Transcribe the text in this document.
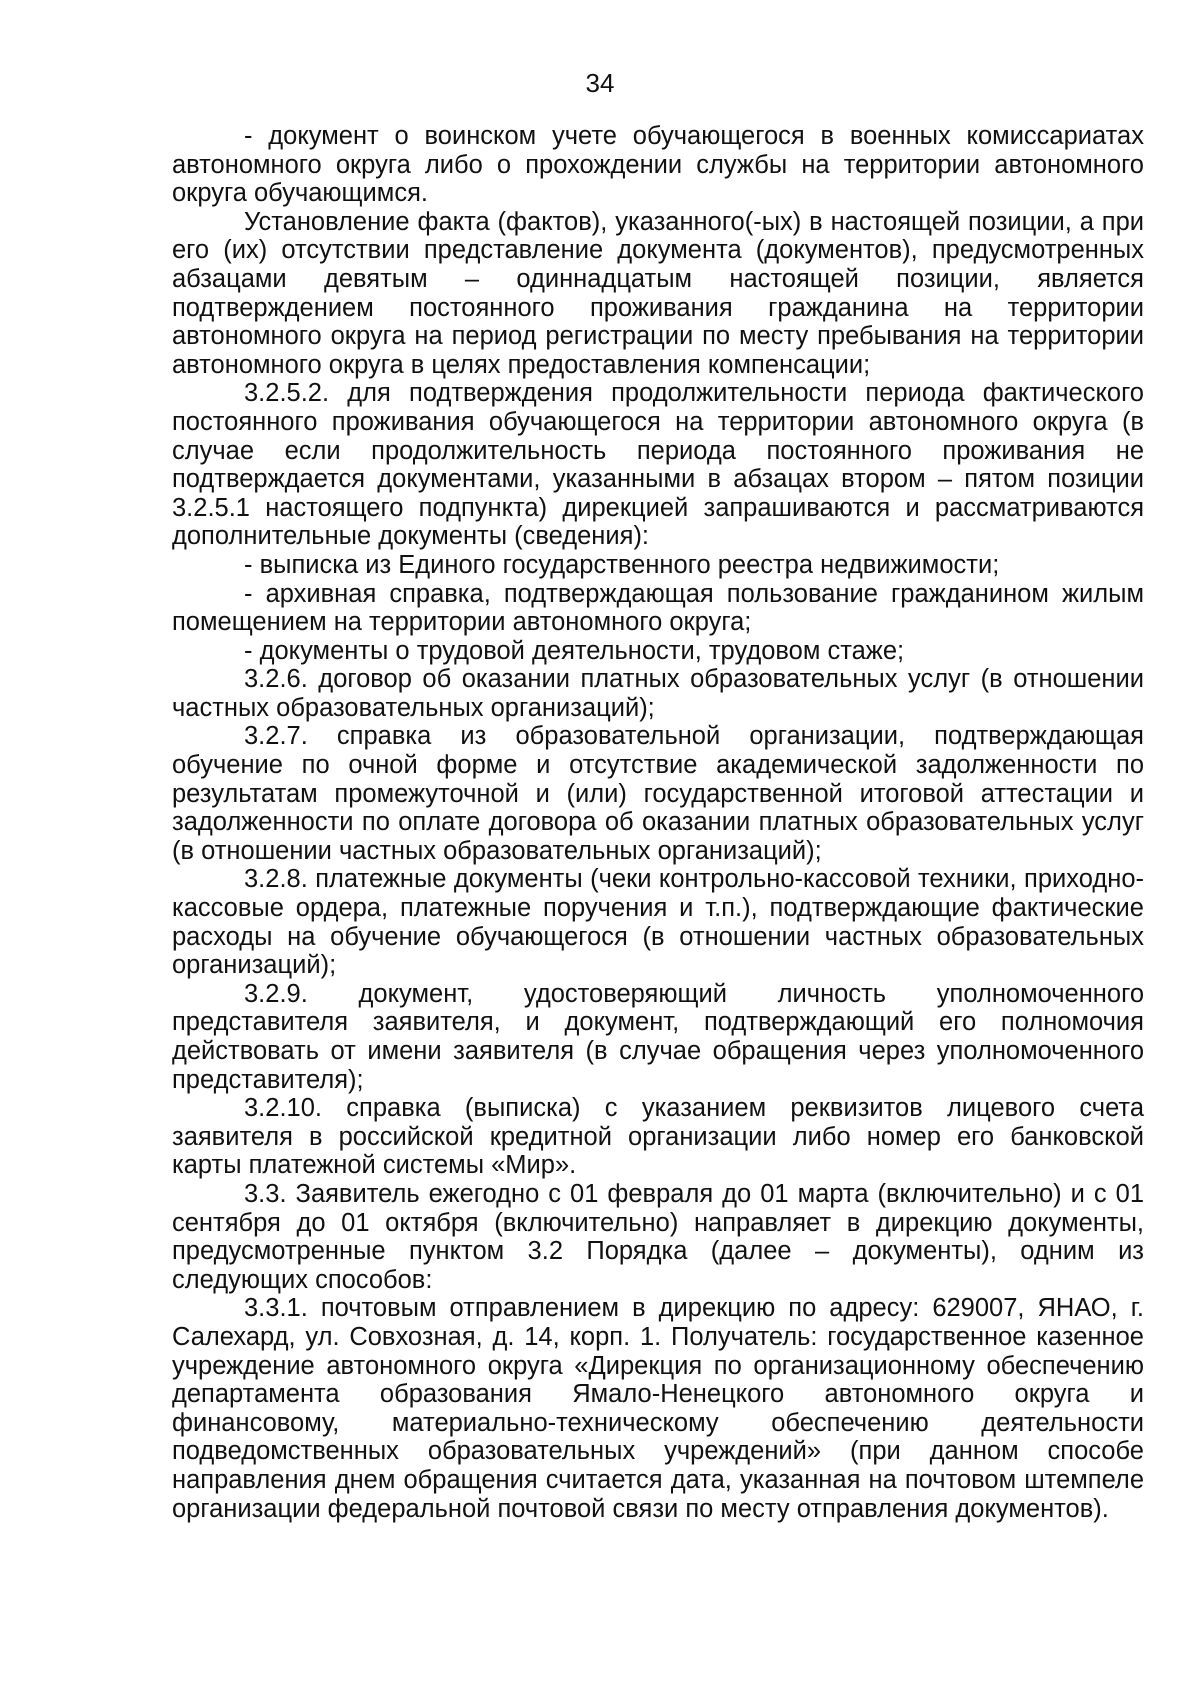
34

- документ о воинском учете обучающегося в военных комиссариатах автономного округа либо о прохождении службы на территории автономного округа обучающимся.

Установление факта (фактов), указанного(-ых) в настоящей позиции, а при его (их) отсутствии представление документа (документов), предусмотренных абзацами девятым – одиннадцатым настоящей позиции, является подтверждением постоянного проживания гражданина на территории автономного округа на период регистрации по месту пребывания на территории автономного округа в целях предоставления компенсации;

3.2.5.2. для подтверждения продолжительности периода фактического постоянного проживания обучающегося на территории автономного округа (в случае если продолжительность периода постоянного проживания не подтверждается документами, указанными в абзацах втором – пятом позиции 3.2.5.1 настоящего подпункта) дирекцией запрашиваются и рассматриваются дополнительные документы (сведения):

- выписка из Единого государственного реестра недвижимости;

- архивная справка, подтверждающая пользование гражданином жилым помещением на территории автономного округа;

- документы о трудовой деятельности, трудовом стаже;

3.2.6. договор об оказании платных образовательных услуг (в отношении частных образовательных организаций);

3.2.7. справка из образовательной организации, подтверждающая обучение по очной форме и отсутствие академической задолженности по результатам промежуточной и (или) государственной итоговой аттестации и задолженности по оплате договора об оказании платных образовательных услуг (в отношении частных образовательных организаций);

3.2.8. платежные документы (чеки контрольно-кассовой техники, приходно-кассовые ордера, платежные поручения и т.п.), подтверждающие фактические расходы на обучение обучающегося (в отношении частных образовательных организаций);

3.2.9. документ, удостоверяющий личность уполномоченного представителя заявителя, и документ, подтверждающий его полномочия действовать от имени заявителя (в случае обращения через уполномоченного представителя);

3.2.10. справка (выписка) с указанием реквизитов лицевого счета заявителя в российской кредитной организации либо номер его банковской карты платежной системы «Мир».

3.3. Заявитель ежегодно с 01 февраля до 01 марта (включительно) и с 01 сентября до 01 октября (включительно) направляет в дирекцию документы, предусмотренные пунктом 3.2 Порядка (далее – документы), одним из следующих способов:

3.3.1. почтовым отправлением в дирекцию по адресу: 629007, ЯНАО, г. Салехард, ул. Совхозная, д. 14, корп. 1. Получатель: государственное казенное учреждение автономного округа «Дирекция по организационному обеспечению департамента образования Ямало-Ненецкого автономного округа и финансовому, материально-техническому обеспечению деятельности подведомственных образовательных учреждений» (при данном способе направления днем обращения считается дата, указанная на почтовом штемпеле организации федеральной почтовой связи по месту отправления документов).
